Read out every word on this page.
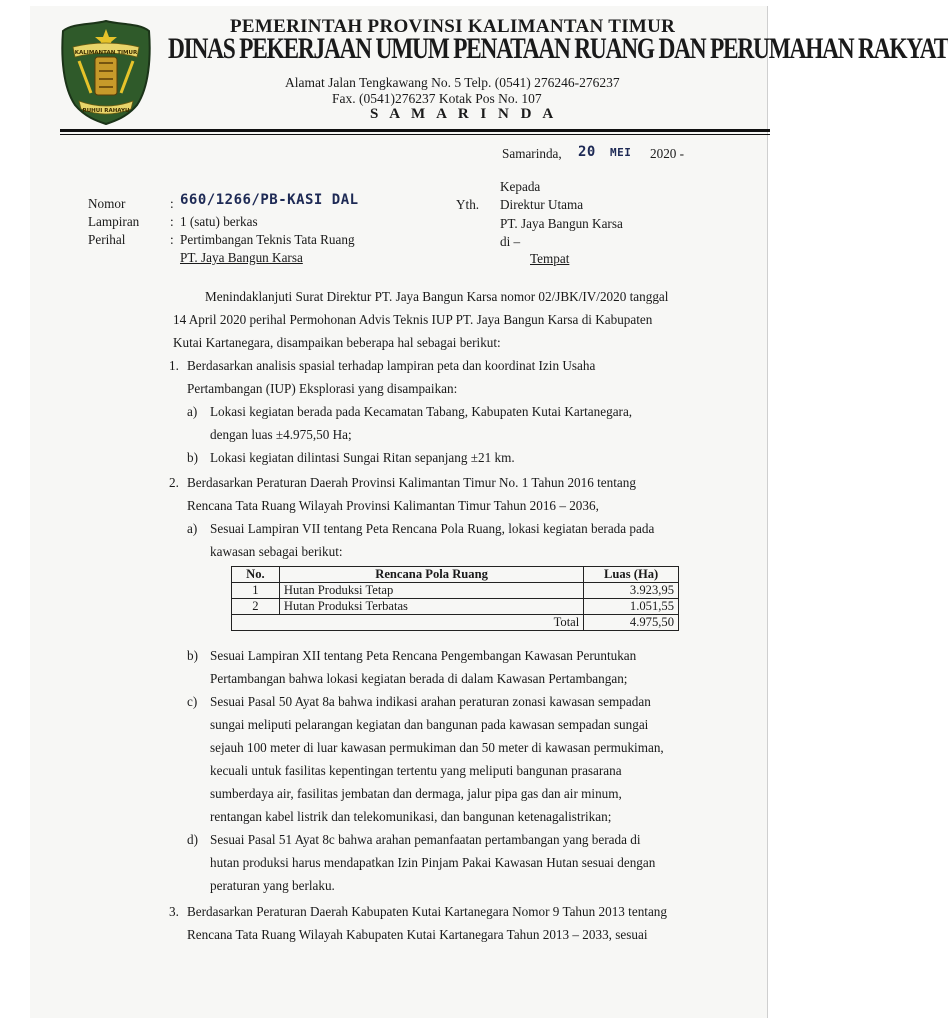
KALIMANTAN TIMUR
RUHUI RAHAYU
PEMERINTAH PROVINSI KALIMANTAN TIMUR
DINAS PEKERJAAN UMUM PENATAAN RUANG DAN PERUMAHAN RAKYAT
Alamat Jalan Tengkawang No. 5 Telp. (0541) 276246-276237
Fax. (0541)276237 Kotak Pos No. 107
S A M A R I N D A
Samarinda, 20 MEI 2020 -
Kepada
Yth. Direktur Utama
PT. Jaya Bangun Karsa
di –
Tempat
Nomor	: 660/1266/PB-KASI DAL
Lampiran : 1 (satu) berkas
Perihal	: Pertimbangan Teknis Tata Ruang
PT. Jaya Bangun Karsa
Menindaklanjuti Surat Direktur PT. Jaya Bangun Karsa nomor 02/JBK/IV/2020 tanggal
14 April 2020 perihal Permohonan Advis Teknis IUP PT. Jaya Bangun Karsa di Kabupaten
Kutai Kartanegara, disampaikan beberapa hal sebagai berikut:
1. Berdasarkan analisis spasial terhadap lampiran peta dan koordinat Izin Usaha
Pertambangan (IUP) Eksplorasi yang disampaikan:
a) Lokasi kegiatan berada pada Kecamatan Tabang, Kabupaten Kutai Kartanegara,
dengan luas ±4.975,50 Ha;
b) Lokasi kegiatan dilintasi Sungai Ritan sepanjang ±21 km.
2. Berdasarkan Peraturan Daerah Provinsi Kalimantan Timur No. 1 Tahun 2016 tentang
Rencana Tata Ruang Wilayah Provinsi Kalimantan Timur Tahun 2016 – 2036,
a) Sesuai Lampiran VII tentang Peta Rencana Pola Ruang, lokasi kegiatan berada pada
kawasan sebagai berikut:
No.	Rencana Pola Ruang	Luas (Ha)
1	Hutan Produksi Tetap	3.923,95
2	Hutan Produksi Terbatas	1.051,55
Total		4.975,50
b) Sesuai Lampiran XII tentang Peta Rencana Pengembangan Kawasan Peruntukan
Pertambangan bahwa lokasi kegiatan berada di dalam Kawasan Pertambangan;
c) Sesuai Pasal 50 Ayat 8a bahwa indikasi arahan peraturan zonasi kawasan sempadan
sungai meliputi pelarangan kegiatan dan bangunan pada kawasan sempadan sungai
sejauh 100 meter di luar kawasan permukiman dan 50 meter di kawasan permukiman,
kecuali untuk fasilitas kepentingan tertentu yang meliputi bangunan prasarana
sumberdaya air, fasilitas jembatan dan dermaga, jalur pipa gas dan air minum,
rentangan kabel listrik dan telekomunikasi, dan bangunan ketenagalistrikan;
d) Sesuai Pasal 51 Ayat 8c bahwa arahan pemanfaatan pertambangan yang berada di
hutan produksi harus mendapatkan Izin Pinjam Pakai Kawasan Hutan sesuai dengan
peraturan yang berlaku.
3. Berdasarkan Peraturan Daerah Kabupaten Kutai Kartanegara Nomor 9 Tahun 2013 tentang
Rencana Tata Ruang Wilayah Kabupaten Kutai Kartanegara Tahun 2013 – 2033, sesuai
